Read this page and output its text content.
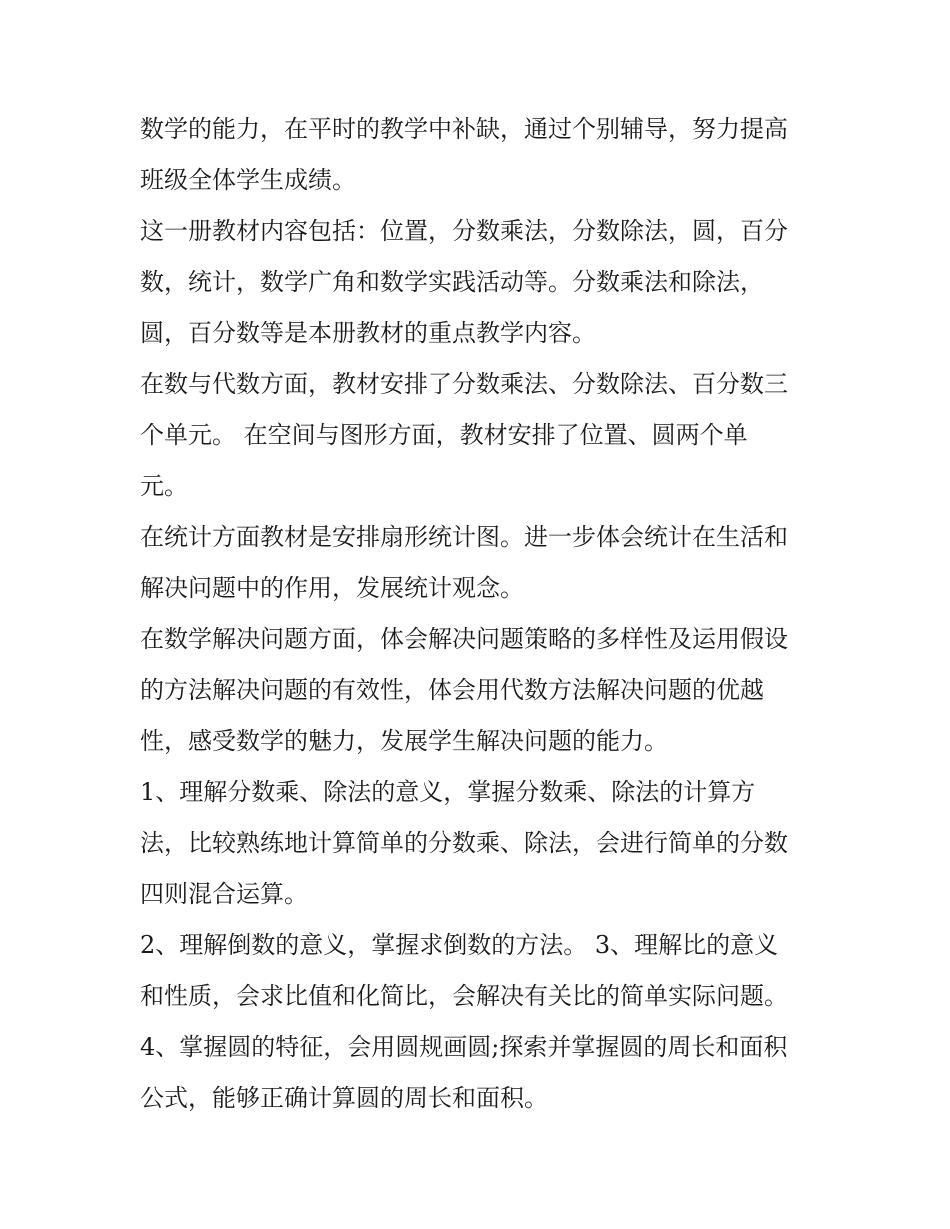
数学的能力，在平时的教学中补缺，通过个别辅导，努力提高
班级全体学生成绩。
这一册教材内容包括：位置，分数乘法，分数除法，圆，百分
数，统计，数学广角和数学实践活动等。分数乘法和除法，
圆，百分数等是本册教材的重点教学内容。
在数与代数方面，教材安排了分数乘法、分数除法、百分数三
个单元。 在空间与图形方面，教材安排了位置、圆两个单
元。
在统计方面教材是安排扇形统计图。进一步体会统计在生活和
解决问题中的作用，发展统计观念。
在数学解决问题方面，体会解决问题策略的多样性及运用假设
的方法解决问题的有效性，体会用代数方法解决问题的优越
性，感受数学的魅力，发展学生解决问题的能力。
1、理解分数乘、除法的意义，掌握分数乘、除法的计算方
法，比较熟练地计算简单的分数乘、除法，会进行简单的分数
四则混合运算。
2、理解倒数的意义，掌握求倒数的方法。 3、理解比的意义
和性质，会求比值和化简比，会解决有关比的简单实际问题。
4、掌握圆的特征，会用圆规画圆;探索并掌握圆的周长和面积
公式，能够正确计算圆的周长和面积。
